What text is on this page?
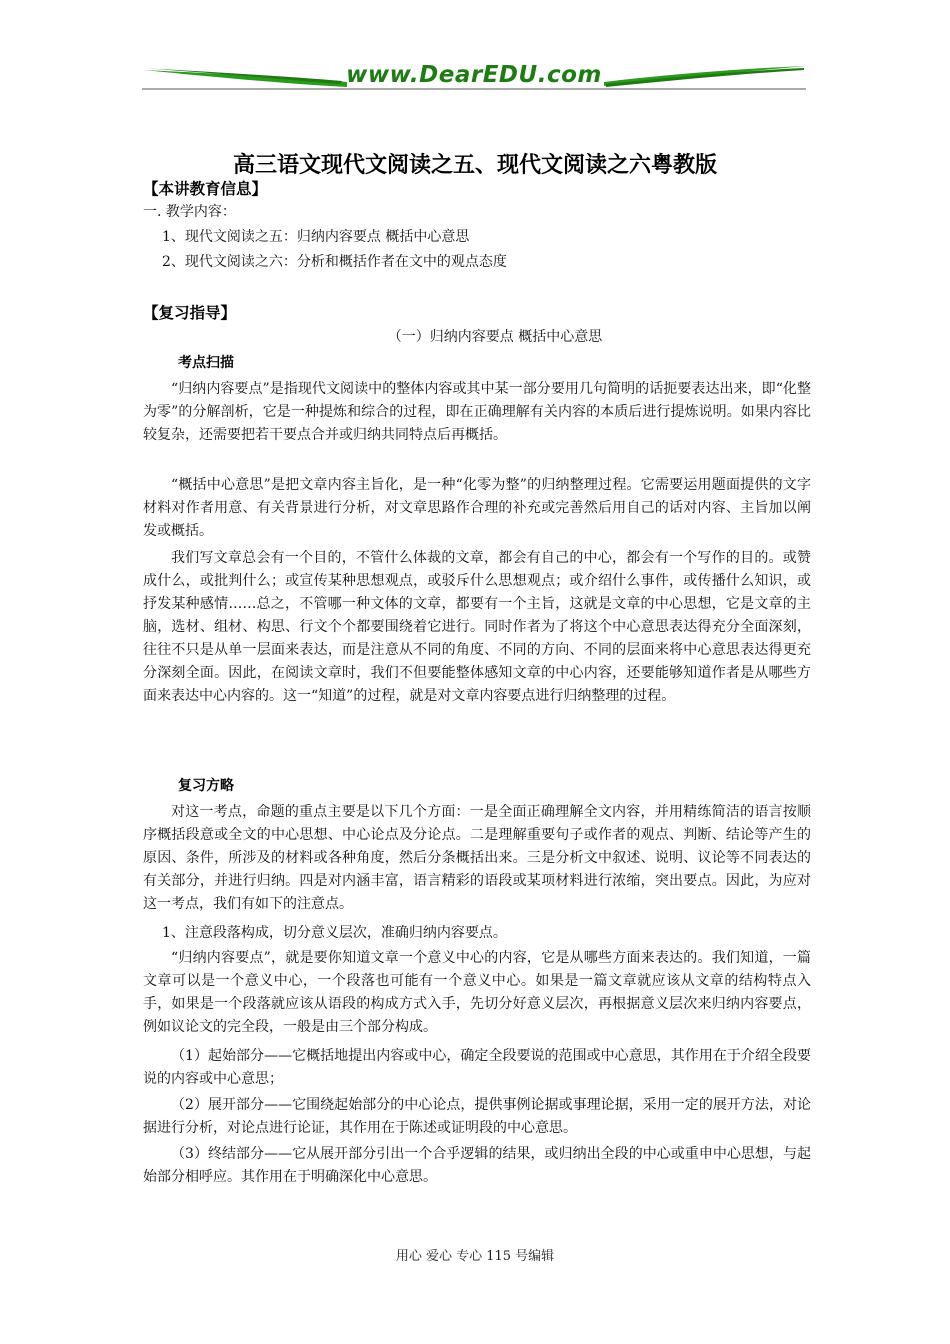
www.DearEDU.com
高三语文现代文阅读之五、现代文阅读之六粤教版
【本讲教育信息】
一. 教学内容：
1、现代文阅读之五：归纳内容要点 概括中心意思
2、现代文阅读之六：分析和概括作者在文中的观点态度
【复习指导】
（一）归纳内容要点 概括中心意思
考点扫描
“归纳内容要点”是指现代文阅读中的整体内容或其中某一部分要用几句简明的话扼要表达出来，即“化整为零”的分解剖析，它是一种提炼和综合的过程，即在正确理解有关内容的本质后进行提炼说明。如果内容比较复杂，还需要把若干要点合并或归纳共同特点后再概括。
“概括中心意思”是把文章内容主旨化，是一种“化零为整”的归纳整理过程。它需要运用题面提供的文字材料对作者用意、有关背景进行分析，对文章思路作合理的补充或完善然后用自己的话对内容、主旨加以阐发或概括。
我们写文章总会有一个目的，不管什么体裁的文章，都会有自己的中心，都会有一个写作的目的。或赞成什么，或批判什么；或宣传某种思想观点，或驳斥什么思想观点；或介绍什么事件，或传播什么知识，或抒发某种感情……总之，不管哪一种文体的文章，都要有一个主旨，这就是文章的中心思想，它是文章的主脑，选材、组材、构思、行文个个都要围绕着它进行。同时作者为了将这个中心意思表达得充分全面深刻，往往不只是从单一层面来表达，而是注意从不同的角度、不同的方向、不同的层面来将中心意思表达得更充分深刻全面。因此，在阅读文章时，我们不但要能整体感知文章的中心内容，还要能够知道作者是从哪些方面来表达中心内容的。这一“知道”的过程，就是对文章内容要点进行归纳整理的过程。
复习方略
对这一考点，命题的重点主要是以下几个方面：一是全面正确理解全文内容，并用精练简洁的语言按顺序概括段意或全文的中心思想、中心论点及分论点。二是理解重要句子或作者的观点、判断、结论等产生的原因、条件，所涉及的材料或各种角度，然后分条概括出来。三是分析文中叙述、说明、议论等不同表达的有关部分，并进行归纳。四是对内涵丰富，语言精彩的语段或某项材料进行浓缩，突出要点。因此，为应对这一考点，我们有如下的注意点。
1、注意段落构成，切分意义层次，准确归纳内容要点。
“归纳内容要点”，就是要你知道文章一个意义中心的内容，它是从哪些方面来表达的。我们知道，一篇文章可以是一个意义中心，一个段落也可能有一个意义中心。如果是一篇文章就应该从文章的结构特点入手，如果是一个段落就应该从语段的构成方式入手，先切分好意义层次，再根据意义层次来归纳内容要点，例如议论文的完全段，一般是由三个部分构成。
（1）起始部分——它概括地提出内容或中心，确定全段要说的范围或中心意思，其作用在于介绍全段要说的内容或中心意思；
（2）展开部分——它围绕起始部分的中心论点，提供事例论据或事理论据，采用一定的展开方法，对论据进行分析，对论点进行论证，其作用在于陈述或证明段的中心意思。
（3）终结部分——它从展开部分引出一个合乎逻辑的结果，或归纳出全段的中心或重申中心思想，与起始部分相呼应。其作用在于明确深化中心意思。
用心 爱心 专心 115 号编辑
